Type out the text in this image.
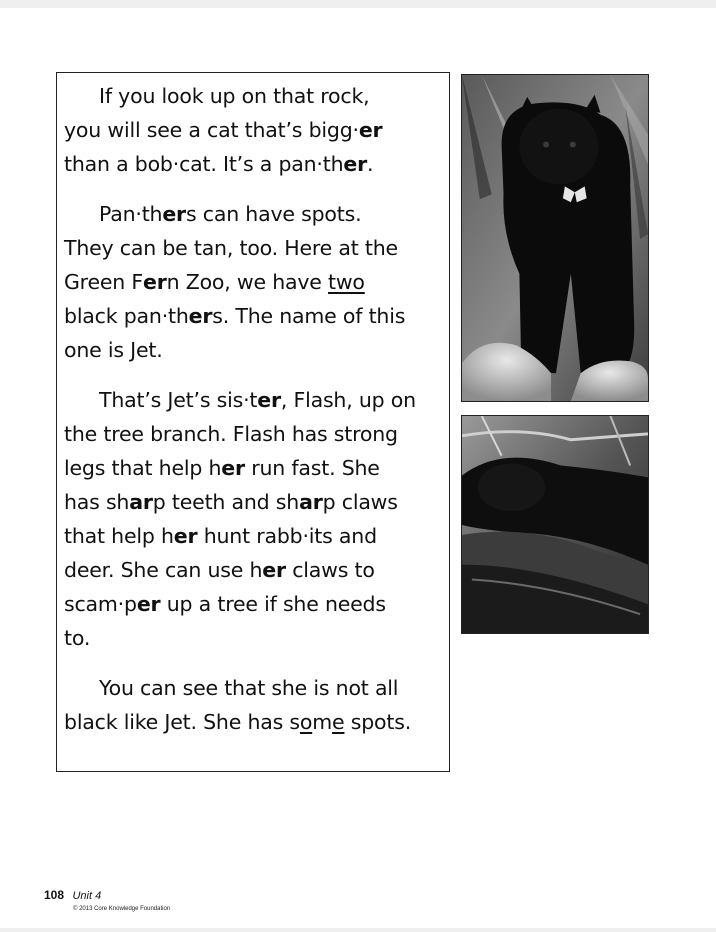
If you look up on that rock,
you will see a cat that’s bigg·er
than a bob·cat. It’s a pan·ther.

Pan·thers can have spots.
They can be tan, too. Here at the
Green Fern Zoo, we have two
black pan·thers. The name of this
one is Jet.

That’s Jet’s sis·ter, Flash, up on
the tree branch. Flash has strong
legs that help her run fast. She
has sharp teeth and sharp claws
that help her hunt rabb·its and
deer. She can use her claws to
scam·per up a tree if she needs
to.

You can see that she is not all
black like Jet. She has some spots.

108 Unit 4
© 2013 Core Knowledge Foundation
